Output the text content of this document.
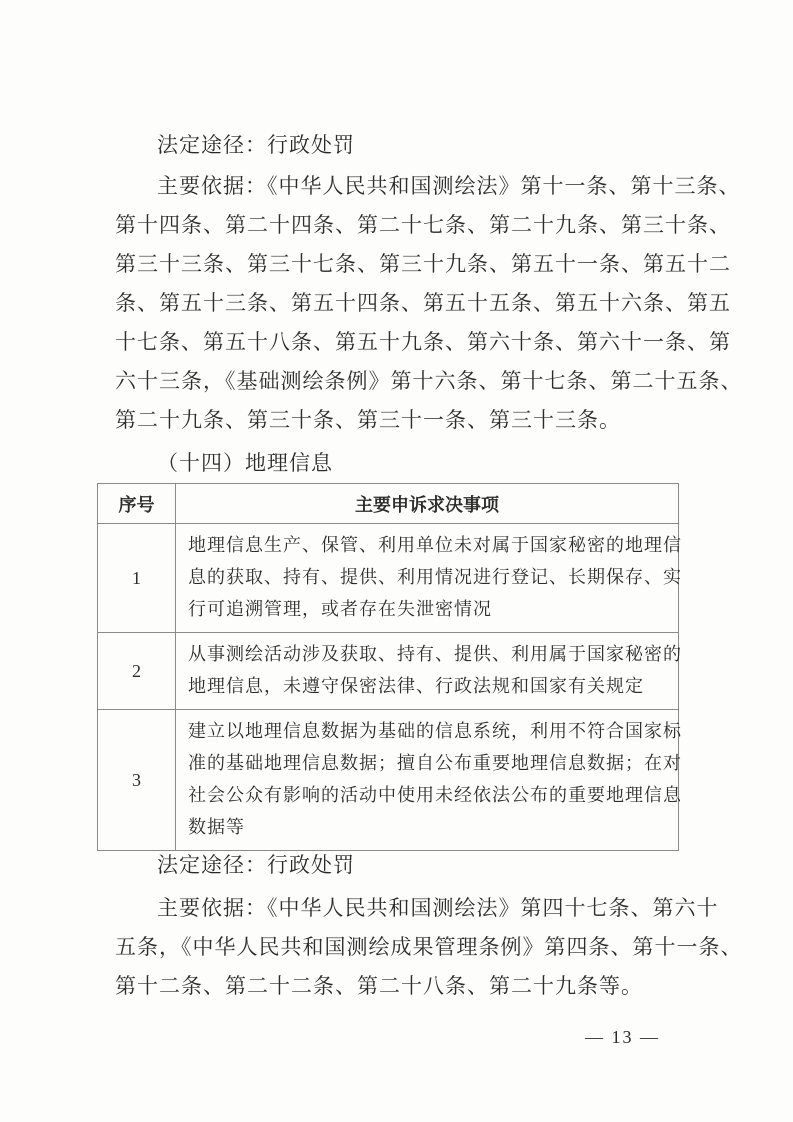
法定途径：行政处罚
主要依据：《中华人民共和国测绘法》第十一条、第十三条、
第十四条、第二十四条、第二十七条、第二十九条、第三十条、
第三十三条、第三十七条、第三十九条、第五十一条、第五十二
条、第五十三条、第五十四条、第五十五条、第五十六条、第五
十七条、第五十八条、第五十九条、第六十条、第六十一条、第
六十三条，《基础测绘条例》第十六条、第十七条、第二十五条、
第二十九条、第三十条、第三十一条、第三十三条。
（十四）地理信息
序号	主要申诉求决事项
1	地理信息生产、保管、利用单位未对属于国家秘密的地理信
息的获取、持有、提供、利用情况进行登记、长期保存、实
行可追溯管理，或者存在失泄密情况

2	从事测绘活动涉及获取、持有、提供、利用属于国家秘密的
地理信息，未遵守保密法律、行政法规和国家有关规定

3	建立以地理信息数据为基础的信息系统，利用不符合国家标
准的基础地理信息数据；擅自公布重要地理信息数据；在对
社会公众有影响的活动中使用未经依法公布的重要地理信息
数据等
法定途径：行政处罚
主要依据：《中华人民共和国测绘法》第四十七条、第六十
五条，《中华人民共和国测绘成果管理条例》第四条、第十一条、
第十二条、第二十二条、第二十八条、第二十九条等。
— 13 —
